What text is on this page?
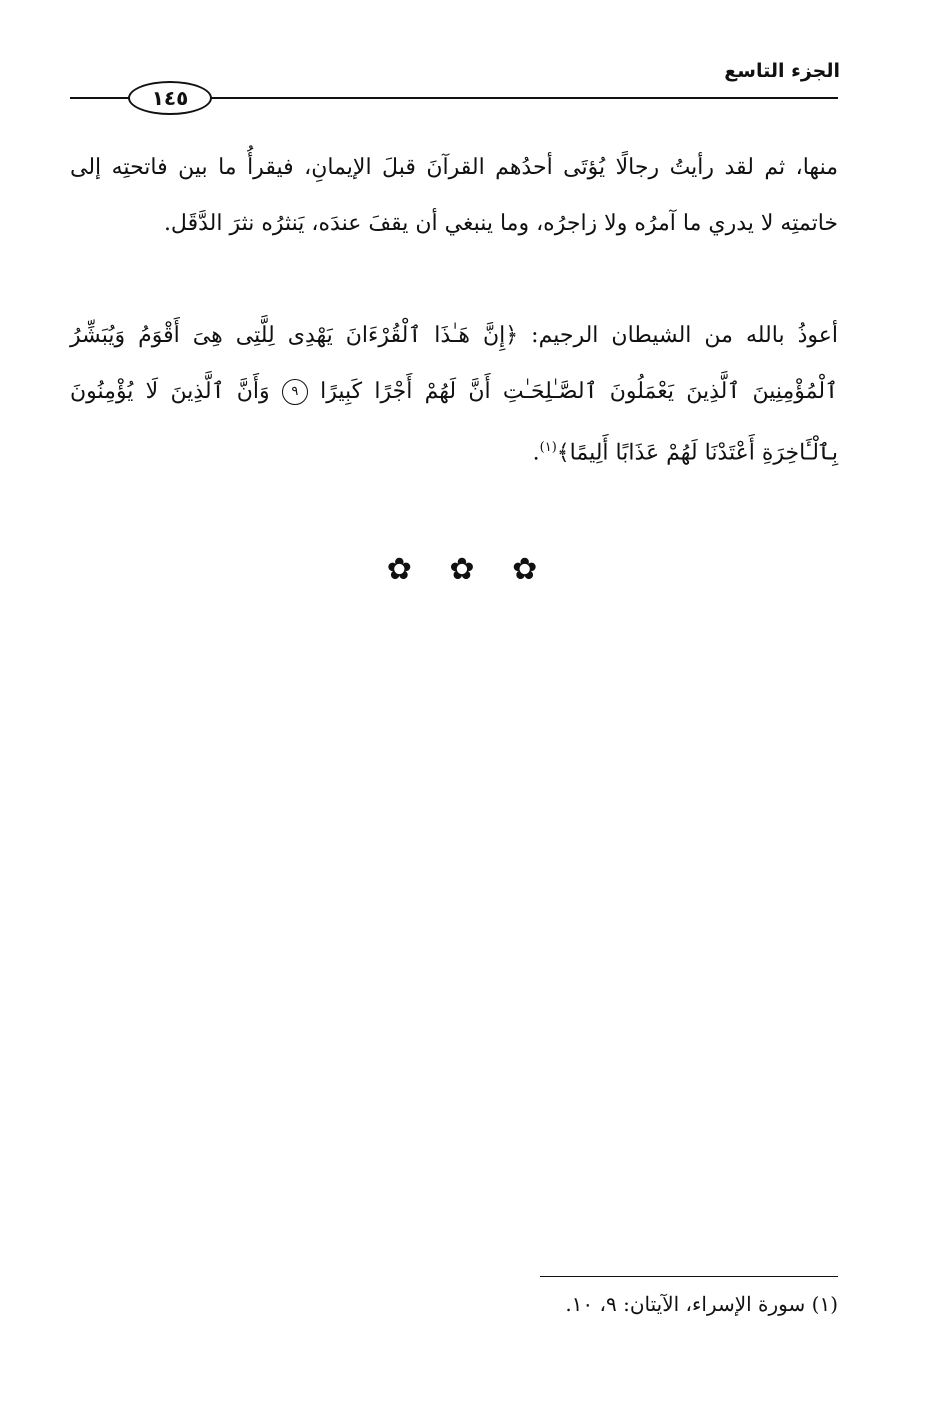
الجزء التاسع
١٤٥
منها، ثم لقد رأيتُ رجالًا يُؤتَى أحدُهم القرآنَ قبلَ الإيمانِ، فيقرأُ ما بين فاتحتِه إلى خاتمتِه لا يدري ما آمرُه ولا زاجرُه، وما ينبغي أن يقفَ عندَه، يَنثرُه نثرَ الدَّقَل.
أعوذُ بالله من الشيطان الرجيم: ﴿إِنَّ هَـٰذَا ٱلْقُرْءَانَ يَهْدِى لِلَّتِى هِىَ أَقْوَمُ وَيُبَشِّرُ ٱلْمُؤْمِنِينَ ٱلَّذِينَ يَعْمَلُونَ ٱلصَّـٰلِحَـٰتِ أَنَّ لَهُمْ أَجْرًا كَبِيرًا ٩ وَأَنَّ ٱلَّذِينَ لَا يُؤْمِنُونَ بِٱلْـَٔاخِرَةِ أَعْتَدْنَا لَهُمْ عَذَابًا أَلِيمًا﴾$^{(١)}$.
✿ ✿ ✿
(١) سورة الإسراء، الآيتان: ٩، ١٠.
